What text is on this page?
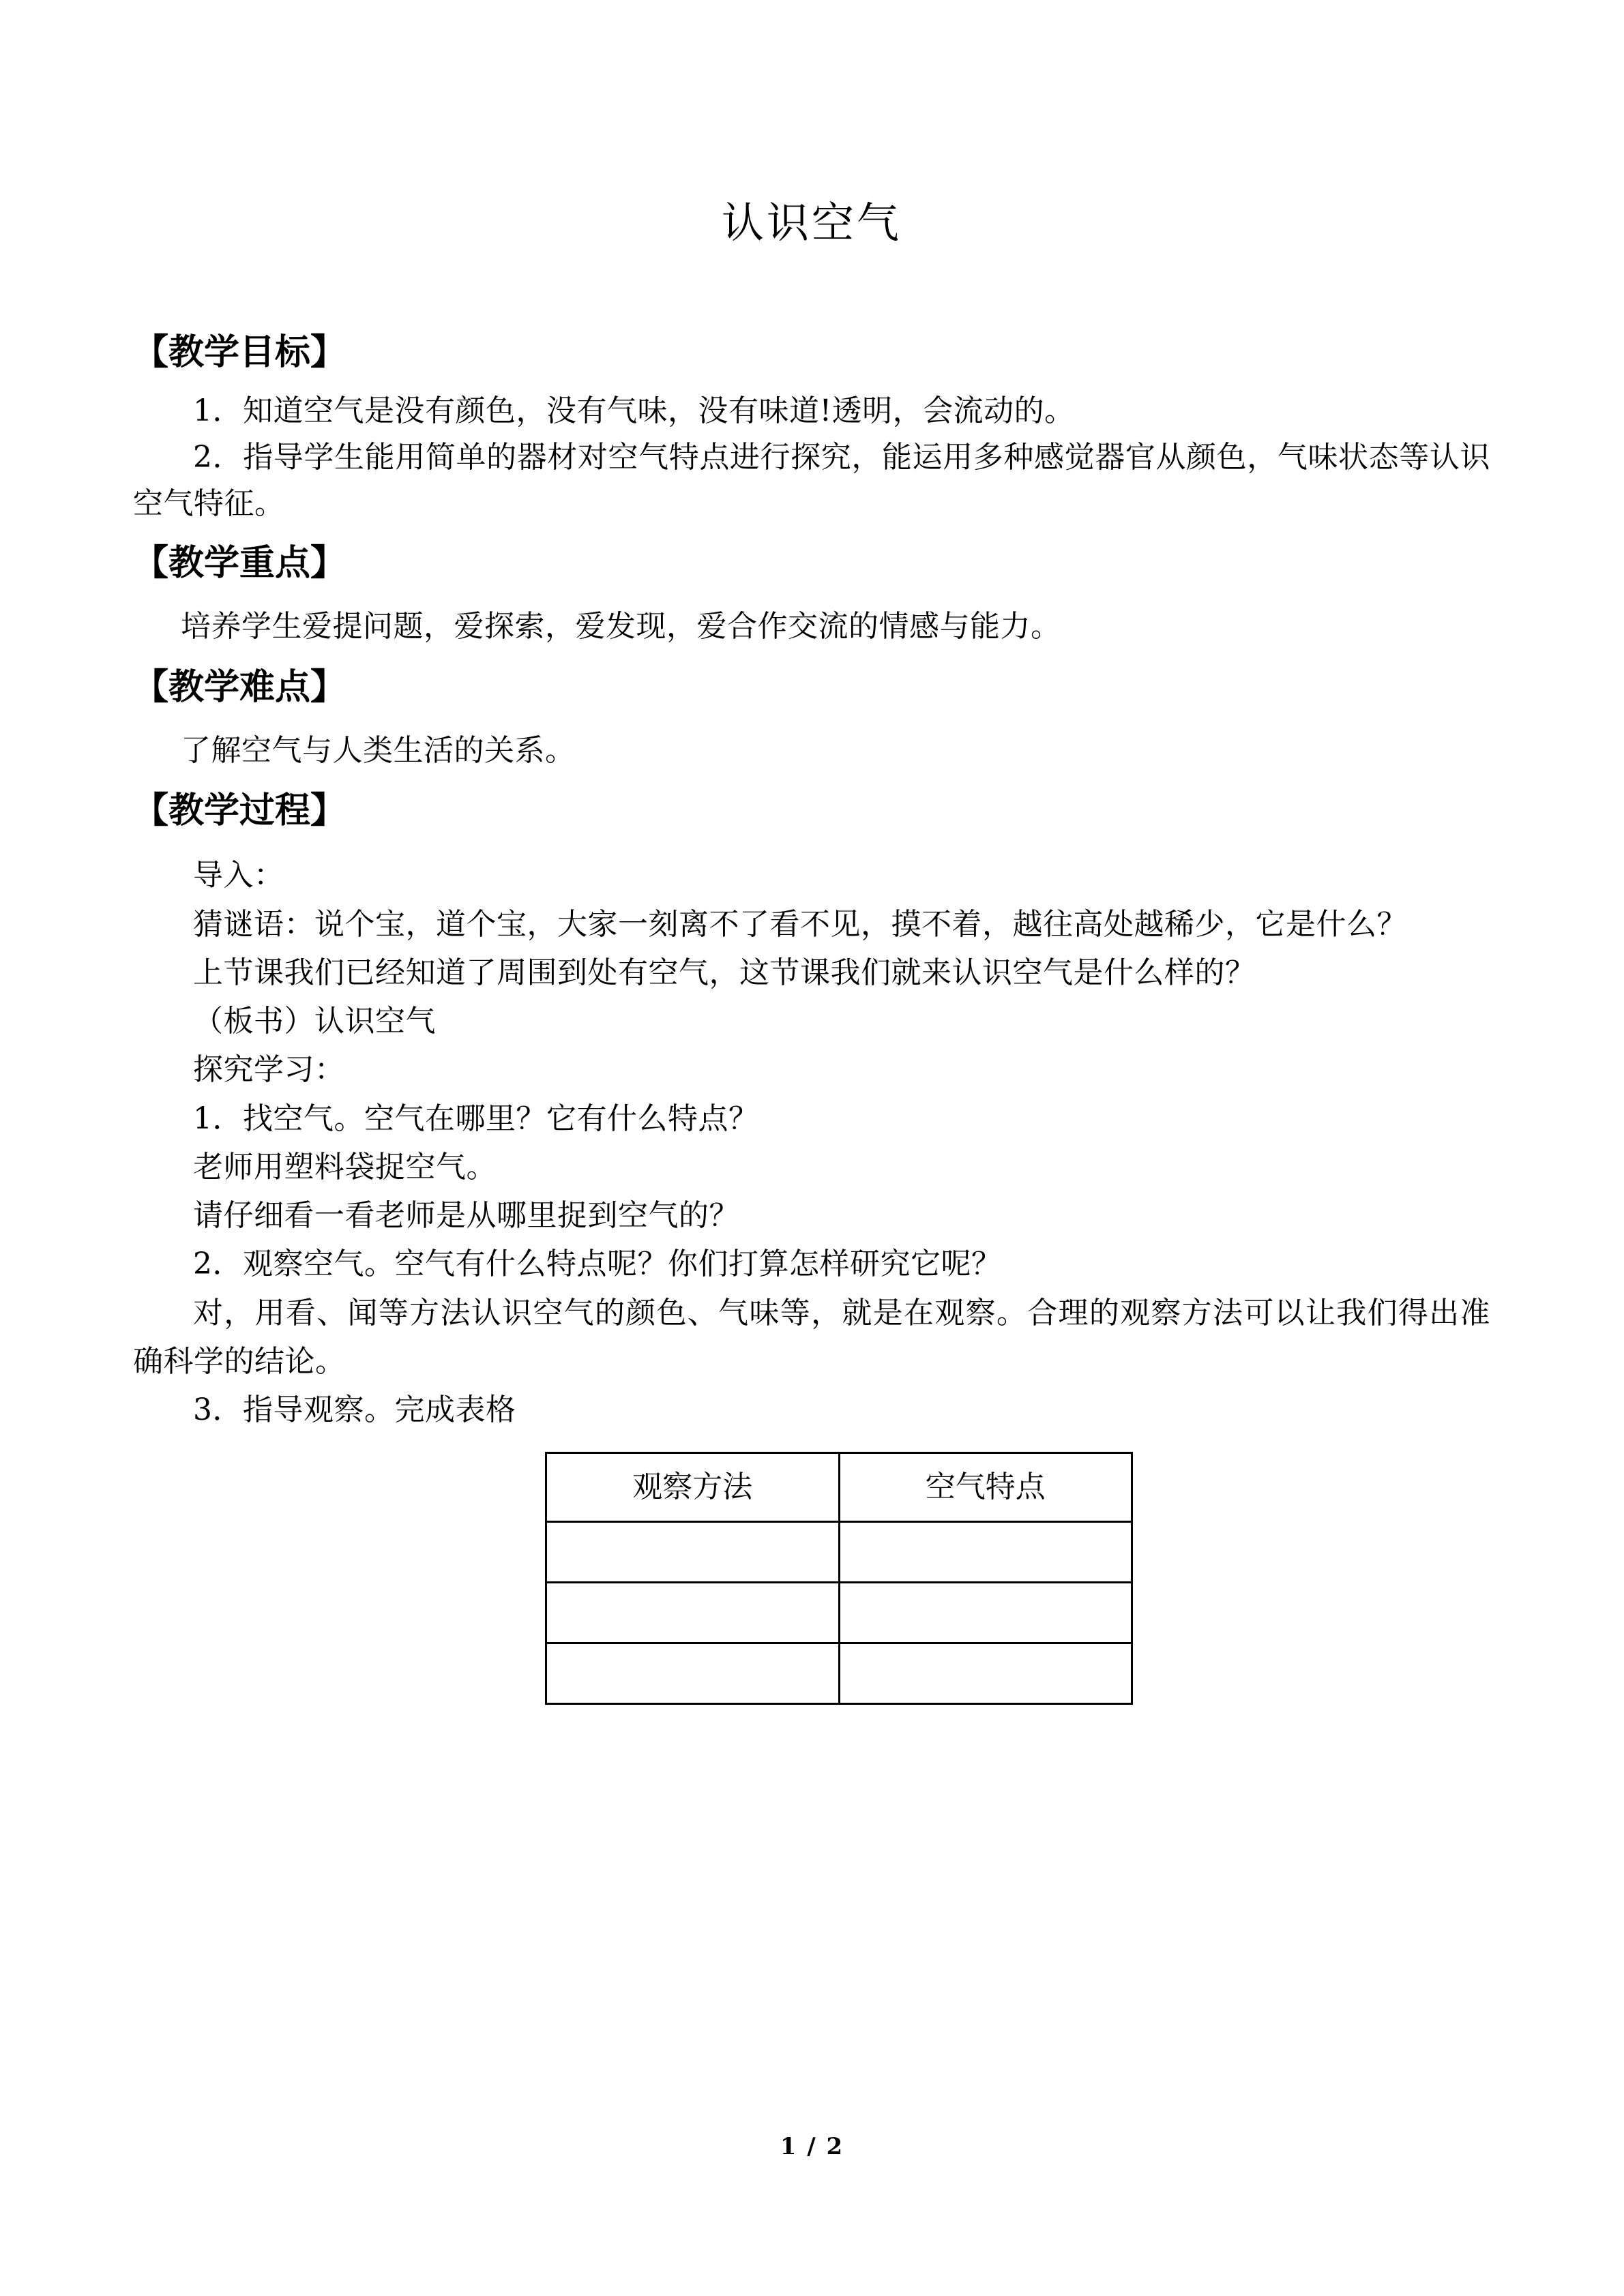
认识空气
【教学目标】

1．知道空气是没有颜色，没有气味，没有味道!透明，会流动的。

2．指导学生能用简单的器材对空气特点进行探究，能运用多种感觉器官从颜色，气味状态等认识空气特征。

【教学重点】

培养学生爱提问题，爱探索，爱发现，爱合作交流的情感与能力。

【教学难点】

了解空气与人类生活的关系。

【教学过程】

导入：

猜谜语：说个宝，道个宝，大家一刻离不了看不见，摸不着，越往高处越稀少，它是什么？

上节课我们已经知道了周围到处有空气，这节课我们就来认识空气是什么样的？

（板书）认识空气

探究学习：

1．找空气。空气在哪里？它有什么特点？

老师用塑料袋捉空气。

请仔细看一看老师是从哪里捉到空气的？

2．观察空气。空气有什么特点呢？你们打算怎样研究它呢？

对，用看、闻等方法认识空气的颜色、气味等，就是在观察。合理的观察方法可以让我们得出准确科学的结论。

3．指导观察。完成表格

观察方法	空气特点

1 / 2
